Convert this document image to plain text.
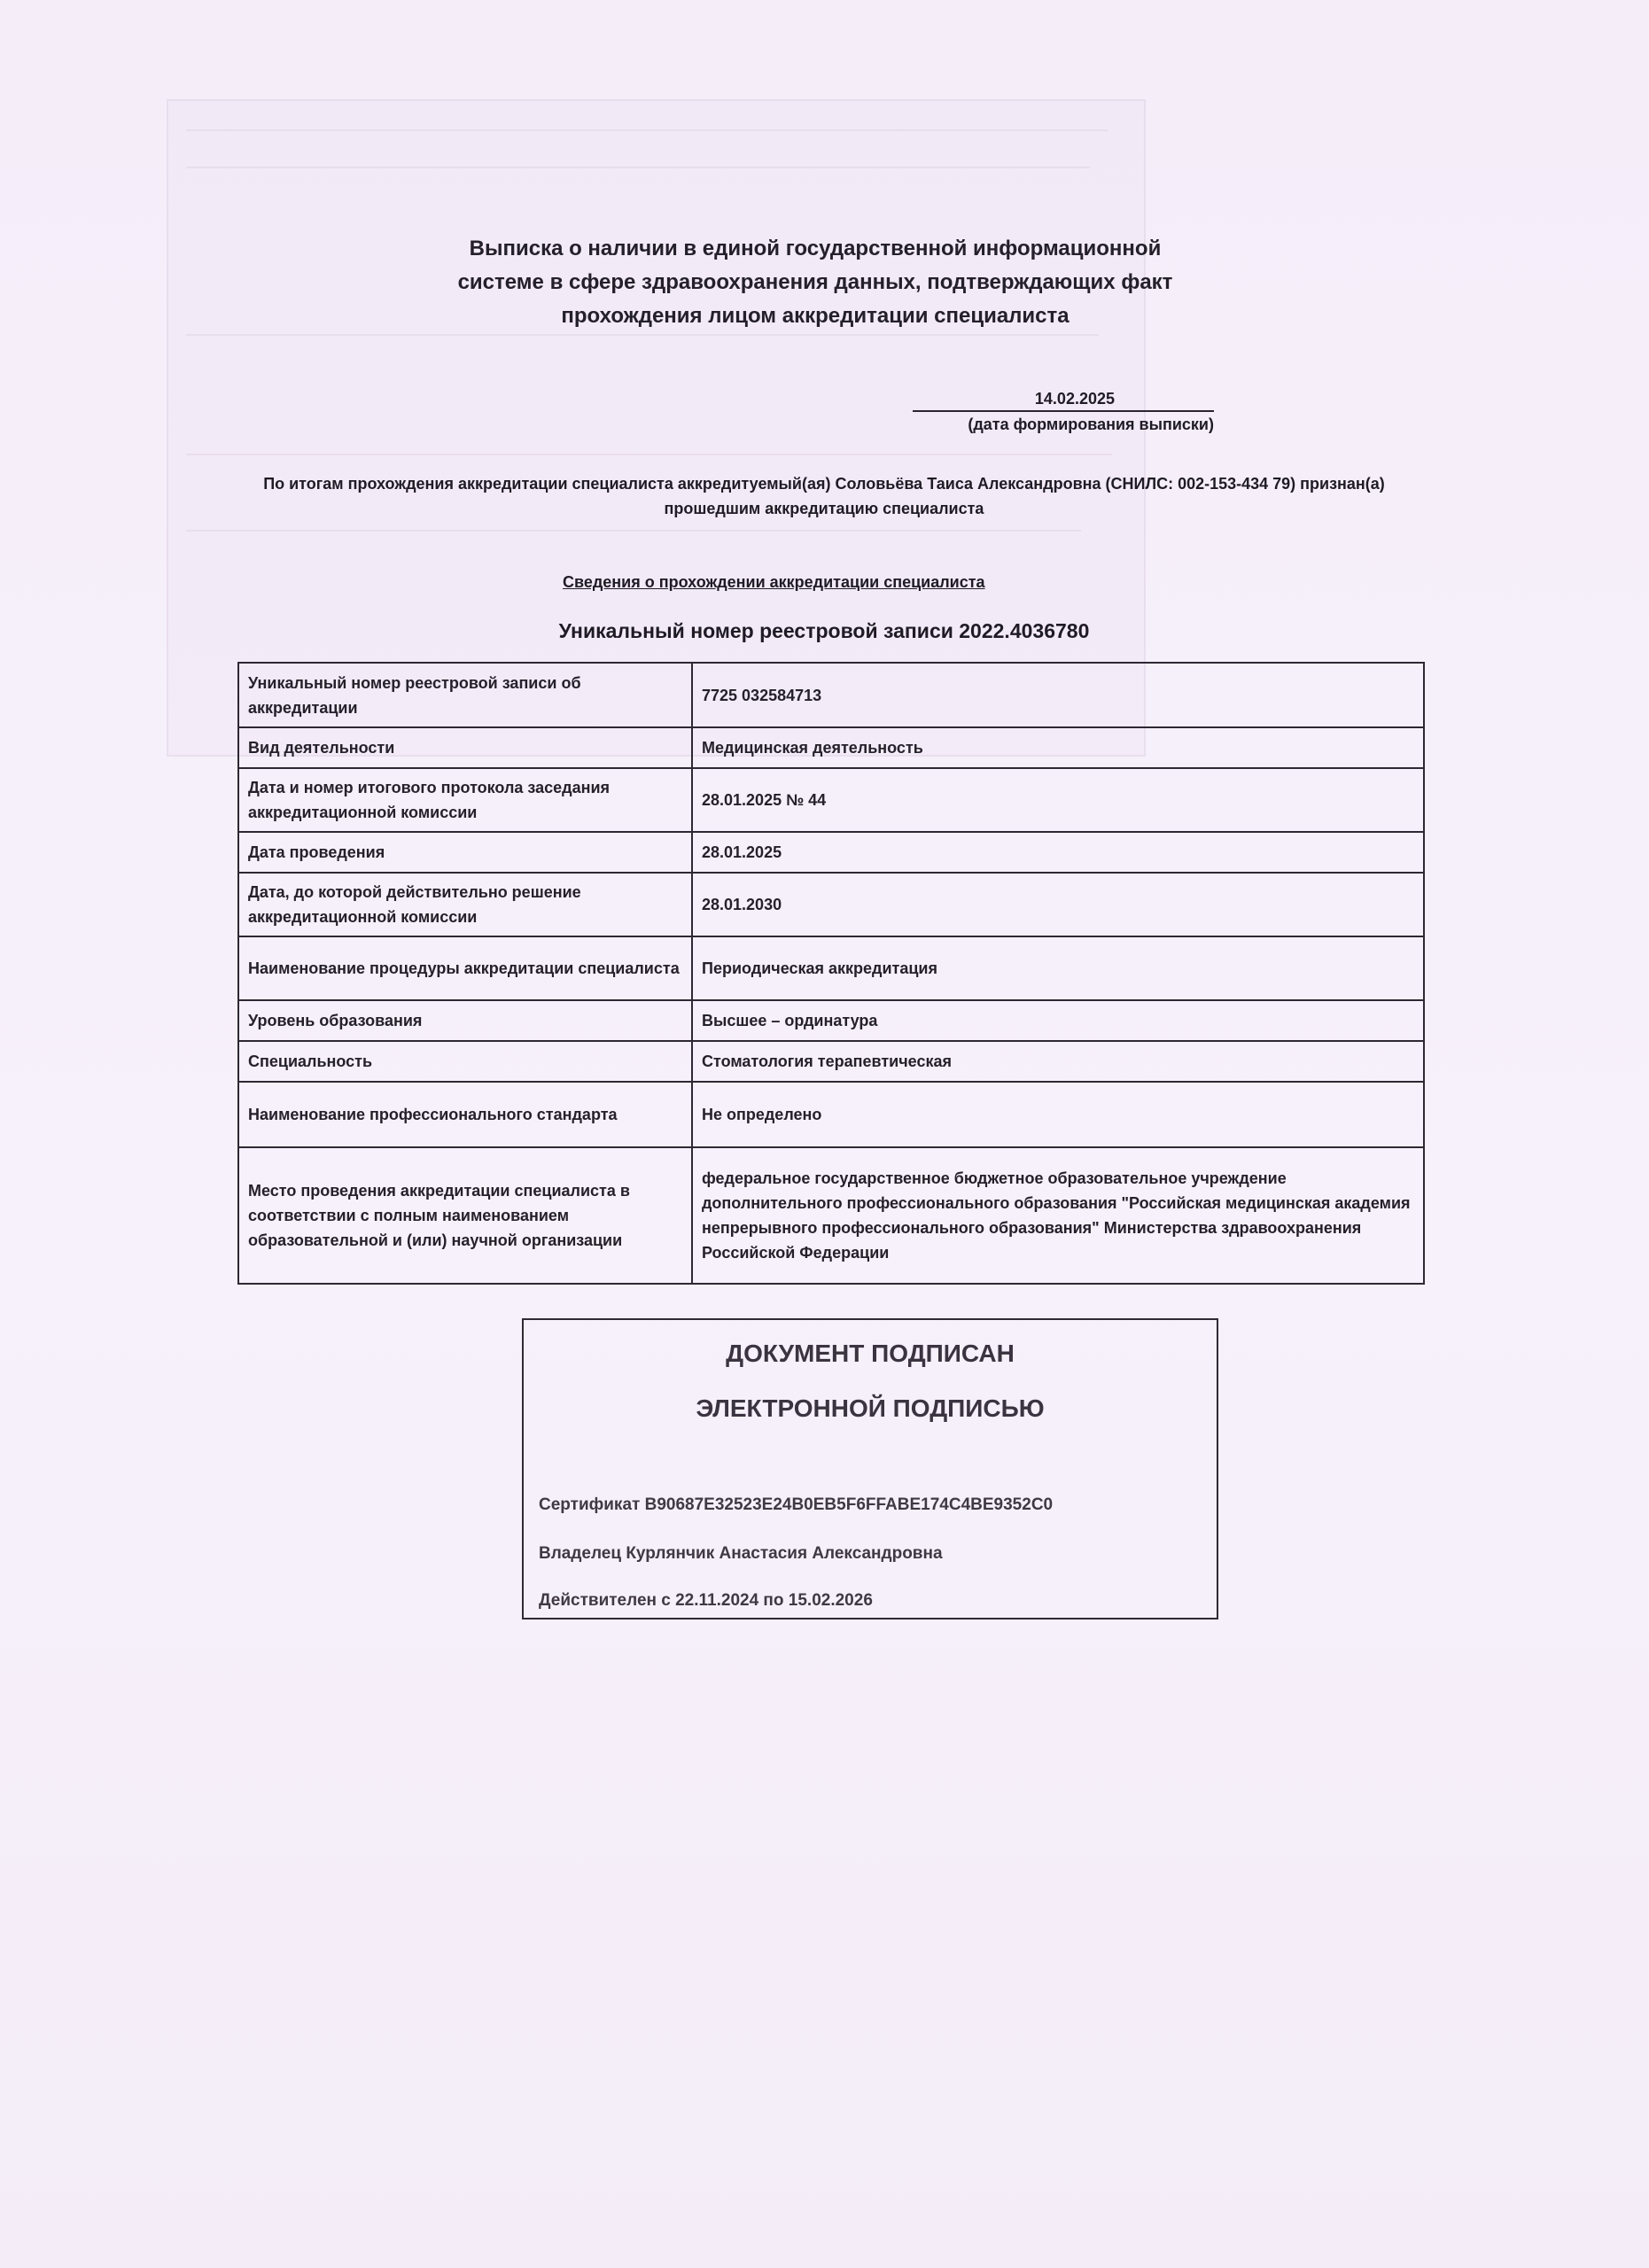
Выписка о наличии в единой государственной информационной
системе в сфере здравоохранения данных, подтверждающих факт
прохождения лицом аккредитации специалиста
14.02.2025
(дата формирования выписки)
По итогам прохождения аккредитации специалиста аккредитуемый(ая) Соловьёва Таиса Александровна (СНИЛС: 002-153-434 79) признан(а) прошедшим аккредитацию специалиста
Сведения о прохождении аккредитации специалиста
Уникальный номер реестровой записи 2022.4036780
Уникальный номер реестровой записи об аккредитации	7725 032584713
Вид деятельности	Медицинская деятельность
Дата и номер итогового протокола заседания аккредитационной комиссии	28.01.2025 № 44
Дата проведения	28.01.2025
Дата, до которой действительно решение аккредитационной комиссии	28.01.2030
Наименование процедуры аккредитации специалиста	Периодическая аккредитация
Уровень образования	Высшее – ординатура
Специальность	Стоматология терапевтическая
Наименование профессионального стандарта	Не определено
Место проведения аккредитации специалиста в соответствии с полным наименованием образовательной и (или) научной организации	федеральное государственное бюджетное образовательное учреждение дополнительного профессионального образования "Российская медицинская академия непрерывного профессионального образования" Министерства здравоохранения Российской Федерации
ДОКУМЕНТ ПОДПИСАН
ЭЛЕКТРОННОЙ ПОДПИСЬЮ
Сертификат B90687E32523E24B0EB5F6FFABE174C4BE9352C0
Владелец Курлянчик Анастасия Александровна
Действителен с 22.11.2024 по 15.02.2026
